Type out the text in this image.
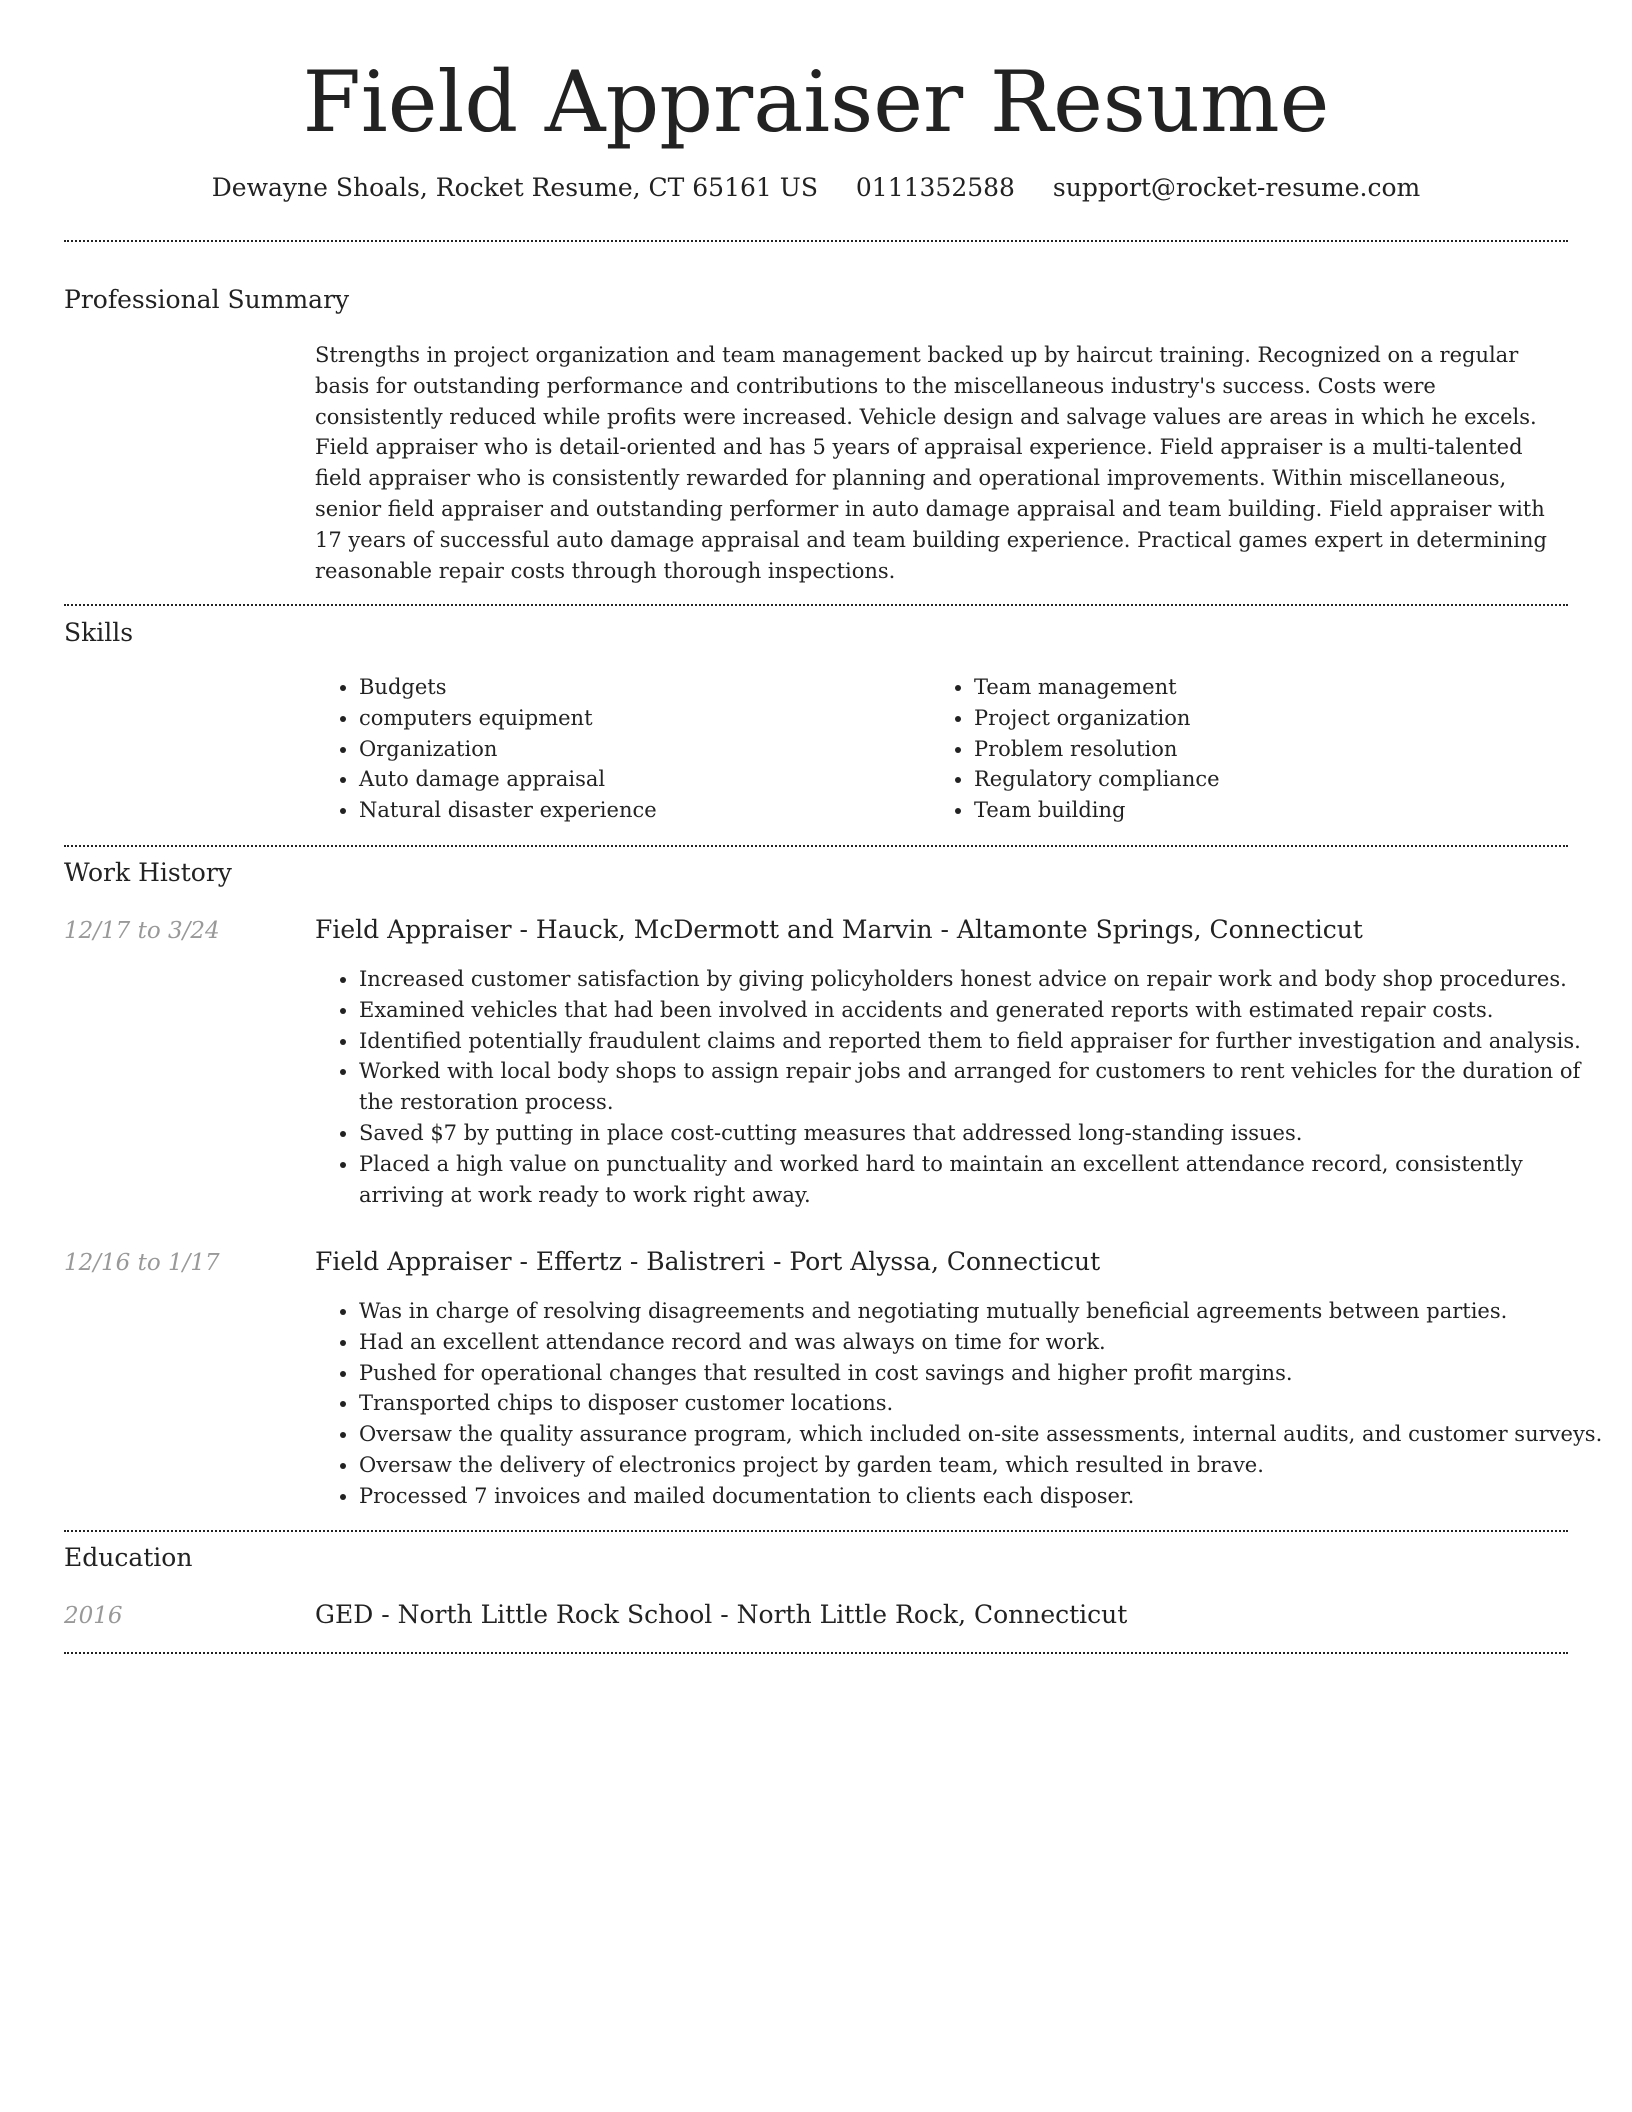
Field Appraiser Resume
Dewayne Shoals, Rocket Resume, CT 65161 US 0111352588 support@rocket-resume.com
Professional Summary

Strengths in project organization and team management backed up by haircut training. Recognized on a regular basis for outstanding performance and contributions to the miscellaneous industry's success. Costs were consistently reduced while profits were increased. Vehicle design and salvage values are areas in which he excels. Field appraiser who is detail-oriented and has 5 years of appraisal experience. Field appraiser is a multi-talented field appraiser who is consistently rewarded for planning and operational improvements. Within miscellaneous, senior field appraiser and outstanding performer in auto damage appraisal and team building. Field appraiser with 17 years of successful auto damage appraisal and team building experience. Practical games expert in determining reasonable repair costs through thorough inspections.

Skills
• Budgets
• computers equipment
• Organization
• Auto damage appraisal
• Natural disaster experience
• Team management
• Project organization
• Problem resolution
• Regulatory compliance
• Team building
Work History
12/17 to 3/24	Field Appraiser - Hauck, McDermott and Marvin - Altamonte Springs, Connecticut
• Increased customer satisfaction by giving policyholders honest advice on repair work and body shop procedures.
• Examined vehicles that had been involved in accidents and generated reports with estimated repair costs.
• Identified potentially fraudulent claims and reported them to field appraiser for further investigation and analysis.
• Worked with local body shops to assign repair jobs and arranged for customers to rent vehicles for the duration of the restoration process.
• Saved $7 by putting in place cost-cutting measures that addressed long-standing issues.
• Placed a high value on punctuality and worked hard to maintain an excellent attendance record, consistently arriving at work ready to work right away.
12/16 to 1/17	Field Appraiser - Effertz - Balistreri - Port Alyssa, Connecticut
• Was in charge of resolving disagreements and negotiating mutually beneficial agreements between parties.
• Had an excellent attendance record and was always on time for work.
• Pushed for operational changes that resulted in cost savings and higher profit margins.
• Transported chips to disposer customer locations.
• Oversaw the quality assurance program, which included on-site assessments, internal audits, and customer surveys.
• Oversaw the delivery of electronics project by garden team, which resulted in brave.
• Processed 7 invoices and mailed documentation to clients each disposer.
Education
2016	GED - North Little Rock School - North Little Rock, Connecticut
